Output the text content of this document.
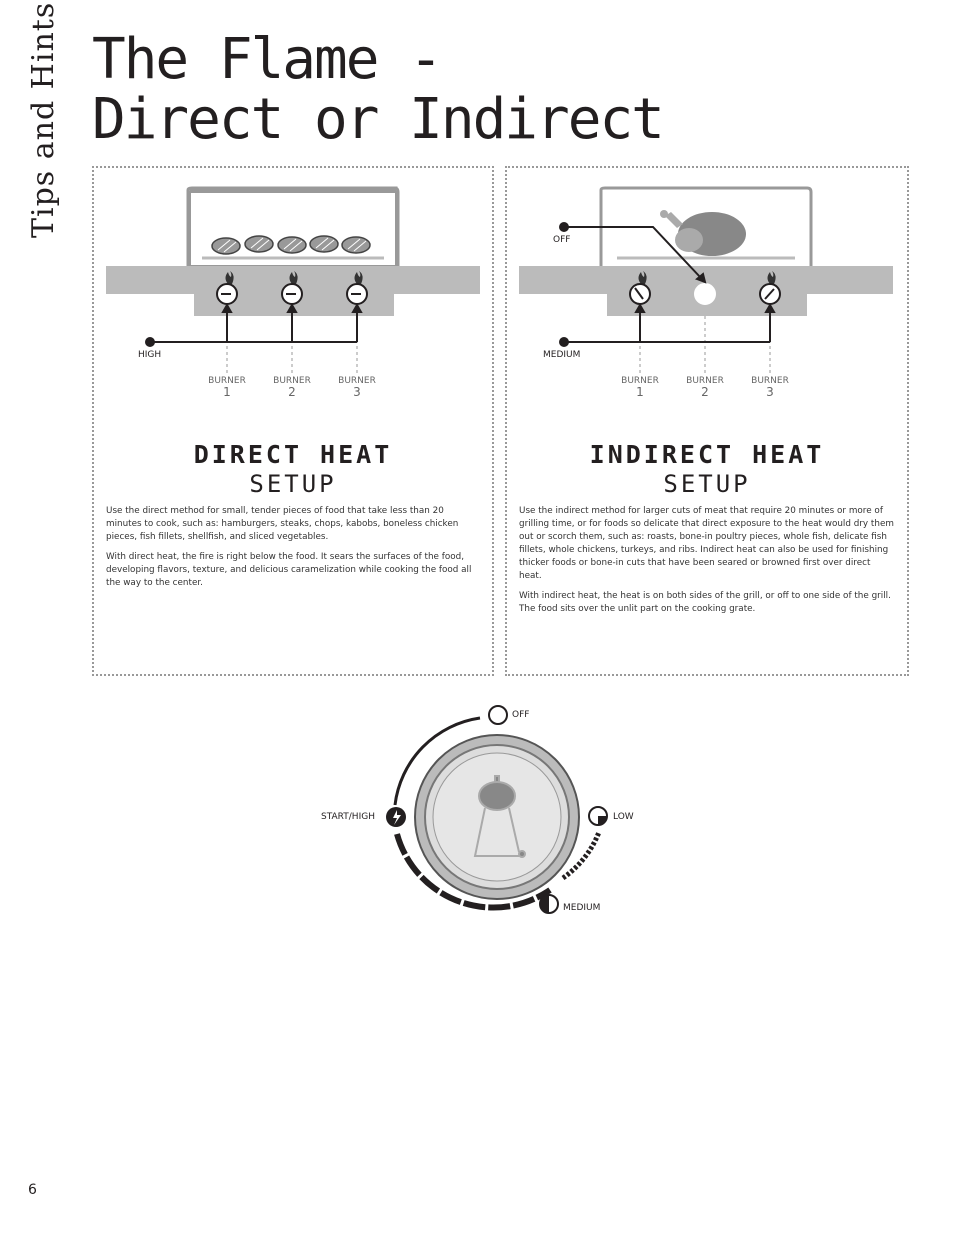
Tips and Hints The Flame -
Direct or Indirect
HIGH
BURNER
1
BURNER
2
BURNER
3
DIRECT HEAT
SETUP

Use the direct method for small, tender pieces of food that take less than 20 minutes to cook, such as: hamburgers, steaks, chops, kabobs, boneless chicken pieces, fish fillets, shellfish, and sliced vegetables.

With direct heat, the fire is right below the food. It sears the surfaces of the food, developing flavors, texture, and delicious caramelization while cooking the food all the way to the center.

OFF
MEDIUM
BURNER
1
BURNER
2
BURNER
3
INDIRECT HEAT
SETUP

Use the indirect method for larger cuts of meat that require 20 minutes or more of grilling time, or for foods so delicate that direct exposure to the heat would dry them out or scorch them, such as: roasts, bone-in poultry pieces, whole fish, delicate fish fillets, whole chickens, turkeys, and ribs. Indirect heat can also be used for finishing thicker foods or bone-in cuts that have been seared or browned first over direct heat.

With indirect heat, the heat is on both sides of the grill, or off to one side of the grill. The food sits over the unlit part on the cooking grate.

OFF
START/HIGH	LOW
MEDIUM
6
